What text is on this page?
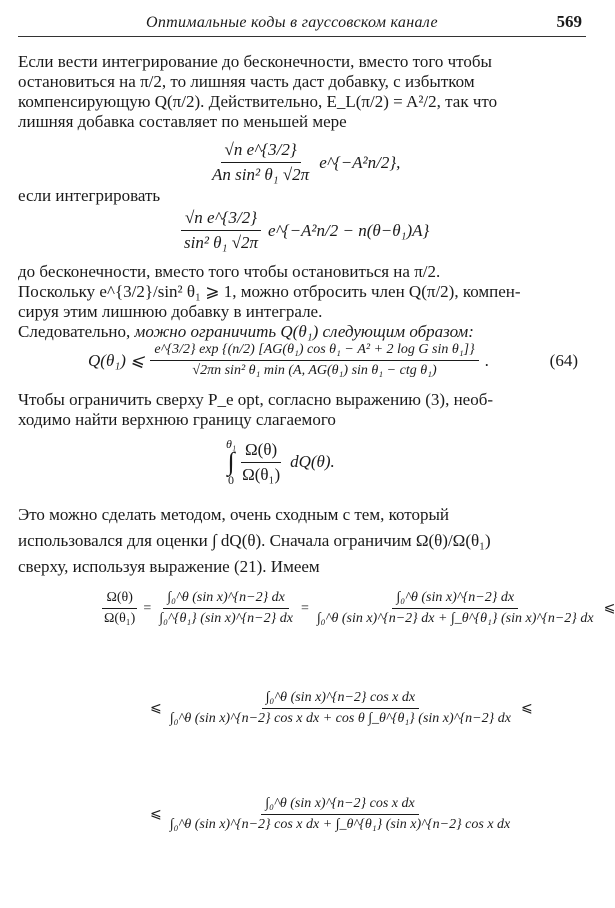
Оптимальные коды в гауссовском канале	569
Если вести интегрирование до бесконечности, вместо того чтобы
остановиться на π/2, то лишняя часть даст добавку, с избытком
компенсирующую Q(π/2). Действительно, E_L(π/2) = A²/2, так что
лишняя добавка составляет по меньшей мере
$\frac{\text{√n e\textasciicircum{}\{3/2\}}}{\text{An sin² θ₁ √2π}}$ e^{−A²n/2},
если интегрировать
$\frac{\text{√n e\textasciicircum{}\{3/2\}}}{\text{sin² θ₁ √2π}}$ e^{−A²n/2 − n(θ−θ₁)A}
до бесконечности, вместо того чтобы остановиться на π/2.
Поскольку e^{3/2}/sin² θ₁ ⩾ 1, можно отбросить член Q(π/2), компен-
сируя этим лишнюю добавку в интеграле.
Следовательно, можно ограничить Q(θ₁) следующим образом:
Q(θ₁) ⩽ $\frac{\text{e\textasciicircum{}\{3/2\} exp \{(n/2) [AG(θ₁) cos θ₁ − A² + 2 log G sin θ₁]\}}}{\text{√2πn sin² θ₁ min (A, AG(θ₁) sin θ₁ − ctg θ₁)}}$ .	(64)
Чтобы ограничить сверху P_e opt, согласно выражению (3), необ-
ходимо найти верхнюю границу слагаемого
θ₁
∫
$0 \frac{\Omega(\theta)}{\text{Ω(θ₁)}} dQ(\theta)$.
Это можно сделать методом, очень сходным с тем, который
использовался для оценки ∫ dQ(θ). Сначала ограничим Ω(θ)/Ω(θ₁)
сверху, используя выражение (21). Имеем
$\frac{\Omega(\theta)}{\text{Ω(θ₁)}} = \frac{\text{∫₀\textasciicircum{}θ (sin x)\textasciicircum{}\{n−2\} dx}}{\text{∫₀\textasciicircum{}\{θ₁\} (sin x)\textasciicircum{}\{n−2\} dx}} = \frac{\text{∫₀\textasciicircum{}θ (sin x)\textasciicircum{}\{n−2\} dx}}{\text{∫₀\textasciicircum{}θ (sin x)\textasciicircum{}\{n−2\} dx + ∫\_θ\textasciicircum{}\{θ₁\} (sin x)\textasciicircum{}\{n−2\} dx}}$ ⩽
⩽
∫₀^θ (sin x)^{n−2} cos x dx
∫₀^θ (sin x)^{n−2} cos x dx + cos θ ∫_θ^{θ₁} (sin x)^{n−2} dx
⩽
⩽
∫₀^θ (sin x)^{n−2} cos x dx
∫₀^θ (sin x)^{n−2} cos x dx + ∫_θ^{θ₁} (sin x)^{n−2} cos x dx
